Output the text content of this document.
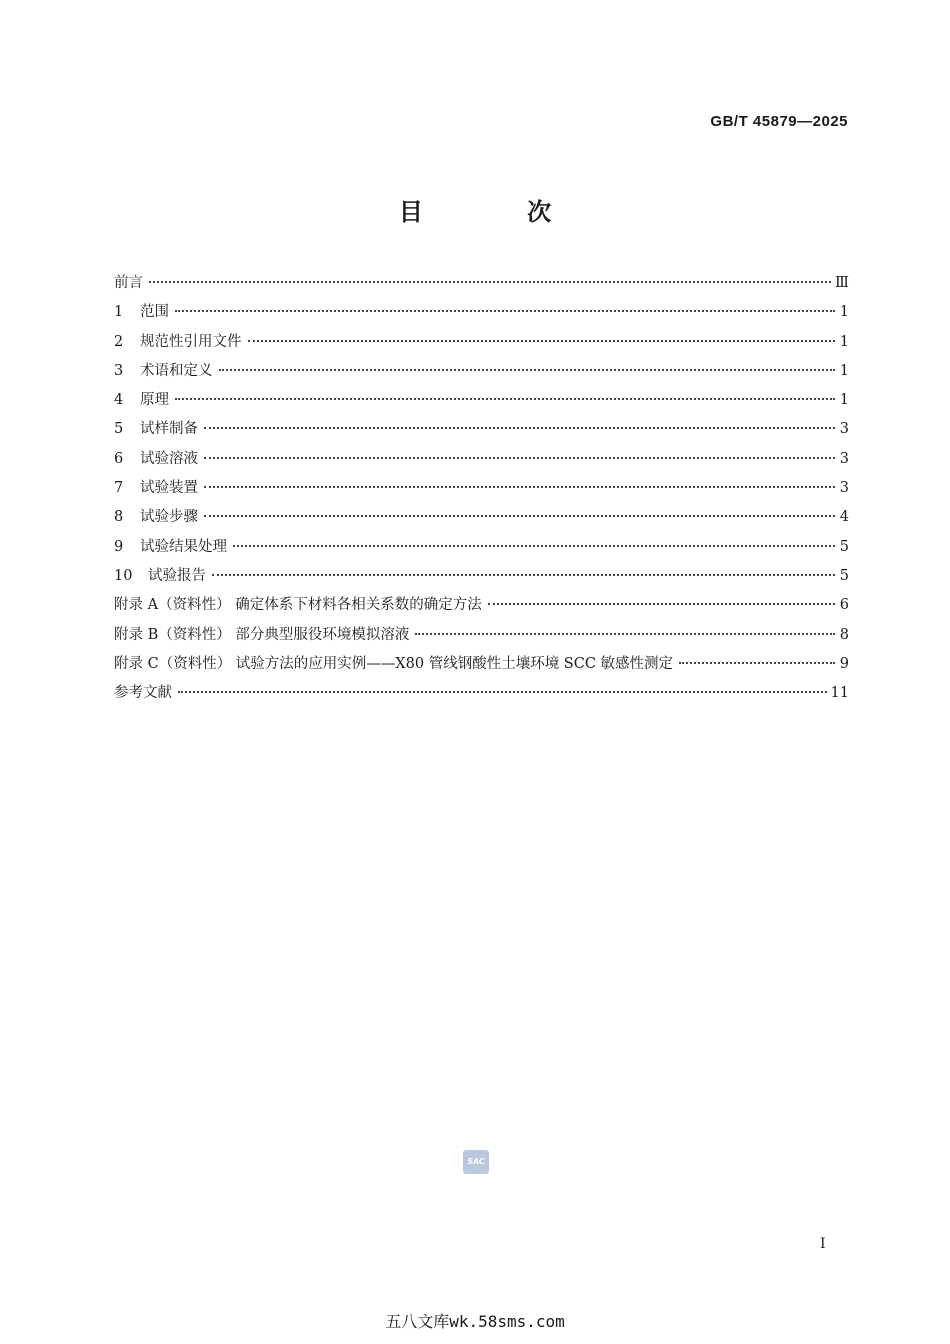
GB/T 45879—2025
目 次
前言	Ⅲ
1	范围	1
2	规范性引用文件	1
3	术语和定义	1
4	原理	1
5	试样制备	3
6	试验溶液	3
7	试验装置	3
8	试验步骤	4
9	试验结果处理	5
10	试验报告	5
附录 A（资料性） 确定体系下材料各相关系数的确定方法	6
附录 B（资料性） 部分典型服役环境模拟溶液	8
附录 C（资料性） 试验方法的应用实例——X80 管线钢酸性土壤环境 SCC 敏感性测定	9
参考文献	11
SAC
I
五八文库wk.58sms.com
